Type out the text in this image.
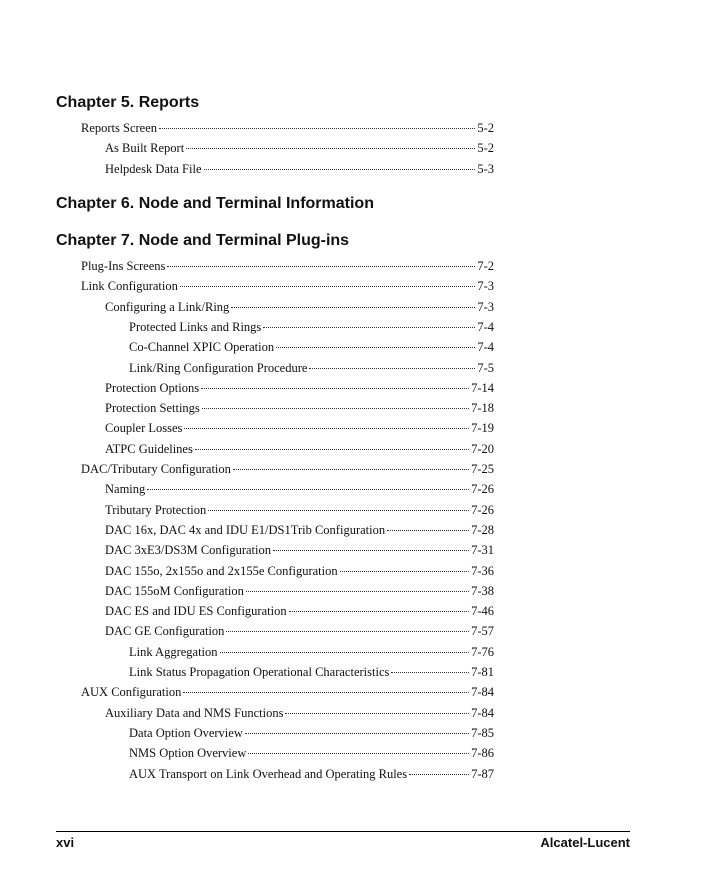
Chapter 5. Reports
Chapter 6. Node and Terminal Information
Chapter 7. Node and Terminal Plug-ins
Reports Screen	5-2
As Built Report	5-2
Helpdesk Data File	5-3
Plug-Ins Screens	7-2
Link Configuration	7-3
Configuring a Link/Ring	7-3
Protected Links and Rings	7-4
Co-Channel XPIC Operation	7-4
Link/Ring Configuration Procedure	7-5
Protection Options	7-14
Protection Settings	7-18
Coupler Losses	7-19
ATPC Guidelines	7-20
DAC/Tributary Configuration	7-25
Naming	7-26
Tributary Protection	7-26
DAC 16x, DAC 4x and IDU E1/DS1Trib Configuration	7-28
DAC 3xE3/DS3M Configuration	7-31
DAC 155o, 2x155o and 2x155e Configuration	7-36
DAC 155oM Configuration	7-38
DAC ES and IDU ES Configuration	7-46
DAC GE Configuration	7-57
Link Aggregation	7-76
Link Status Propagation Operational Characteristics	7-81
AUX Configuration	7-84
Auxiliary Data and NMS Functions	7-84
Data Option Overview	7-85
NMS Option Overview	7-86
AUX Transport on Link Overhead and Operating Rules	7-87
xvi	Alcatel-Lucent
